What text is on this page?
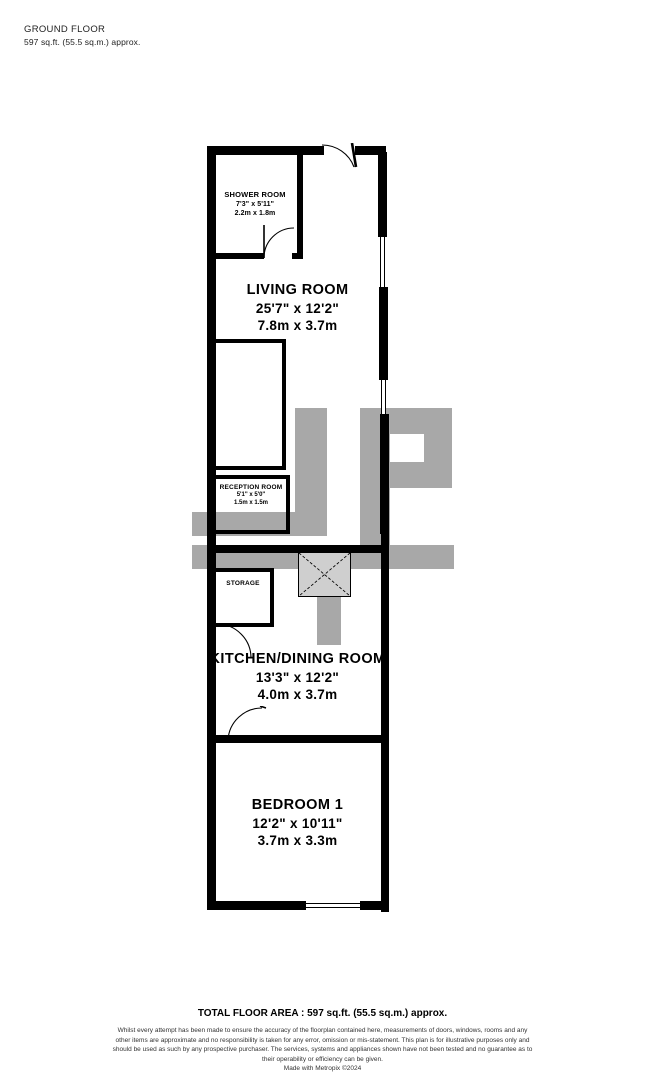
GROUND FLOOR
597 sq.ft. (55.5 sq.m.) approx.
SHOWER ROOM
7'3" x 5'11"
2.2m x 1.8m
LIVING ROOM
25'7" x 12'2"
7.8m x 3.7m
RECEPTION ROOM
5'1" x 5'0"
1.5m x 1.5m
STORAGE
KITCHEN/DINING ROOM
13'3" x 12'2"
4.0m x 3.7m
BEDROOM 1
12'2" x 10'11"
3.7m x 3.3m
TOTAL FLOOR AREA : 597 sq.ft. (55.5 sq.m.) approx.
Whilst every attempt has been made to ensure the accuracy of the floorplan contained here, measurements of doors, windows, rooms and any other items are approximate and no responsibility is taken for any error, omission or mis-statement. This plan is for illustrative purposes only and should be used as such by any prospective purchaser. The services, systems and appliances shown have not been tested and no guarantee as to their operability or efficiency can be given.
Made with Metropix ©2024
